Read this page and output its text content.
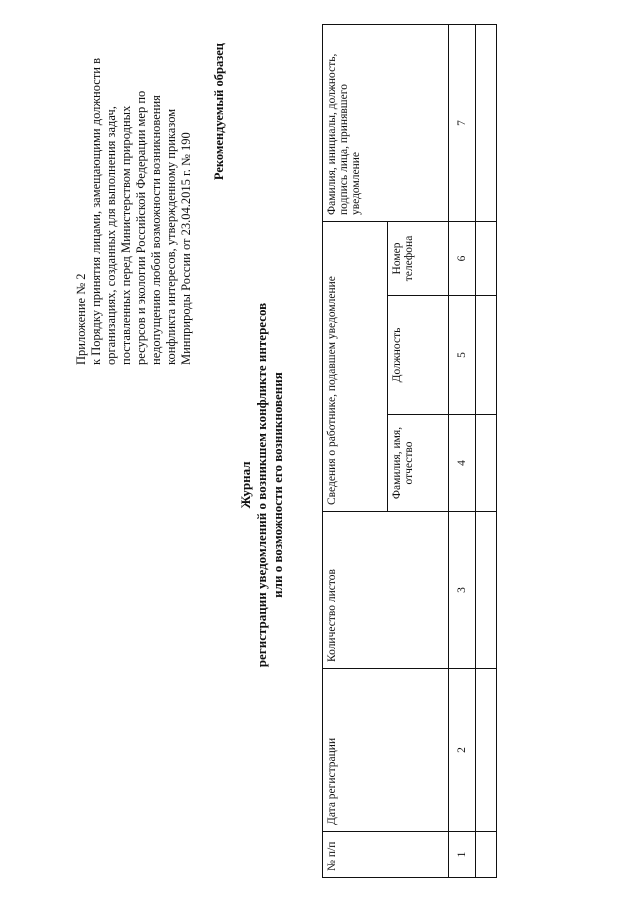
Приложение № 2 к Порядку принятия лицами, замещающими должности в организациях, созданных для выполнения задач, поставленных перед Министерством природных ресурсов и экологии Российской Федерации мер по недопущению любой возможности возникновения конфликта интересов, утвержденному приказом Минприроды России от 23.04.2015 г. № 190
Рекомендуемый образец
Журнал регистрации уведомлений о возникшем конфликте интересов или о возможности его возникновения
№ п/п	Дата регистрации	Количество листов	Сведения о работнике, подавшем уведомление			Фамилия, инициалы, должность, подпись лица, принявшего уведомление
			Фамилия, имя, отчество	Должность	Номер телефона	
1	2	3	4	5	6	7
